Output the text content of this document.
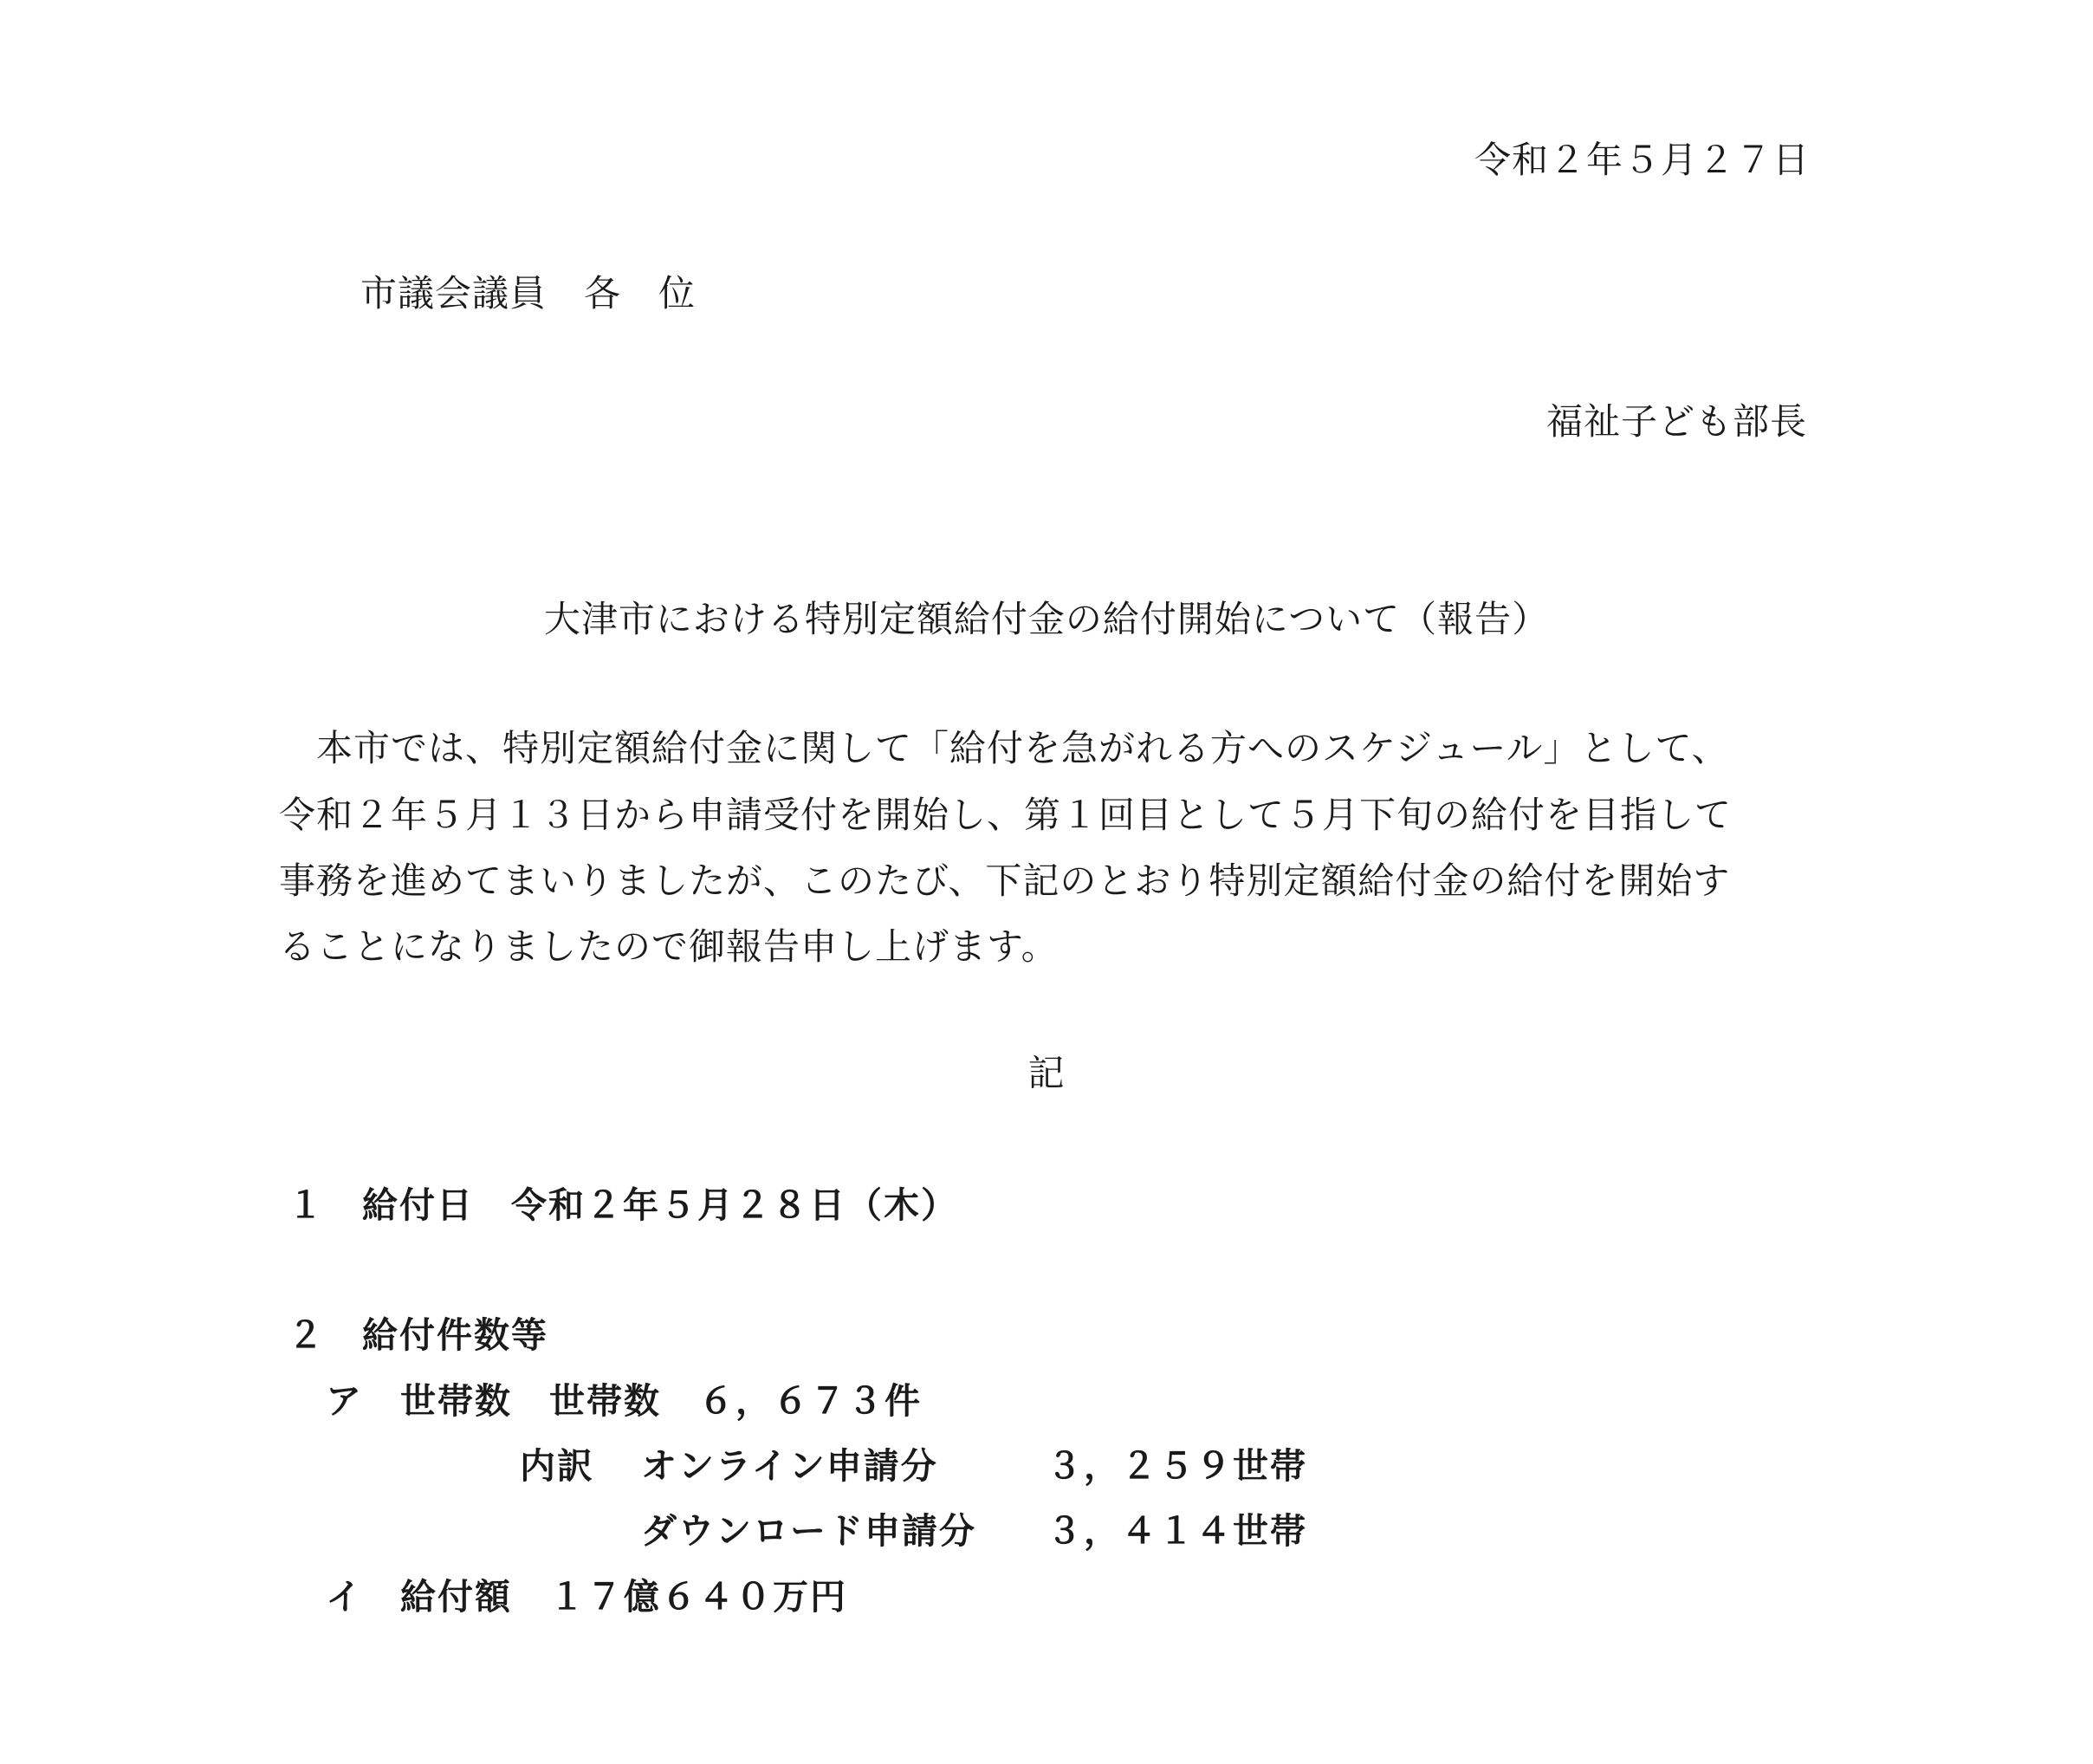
令和２年５月２７日
市議会議員　各　位
福祉子ども部長
大津市における特別定額給付金の給付開始について（報告）
　本市では、特別定額給付金に関して「給付を急がれる方へのスケジュール」として、
令和２年５月１３日から申請受付を開始し、第１回目として５月下旬の給付を目指して
事務を進めてまいりましたが、このたび、下記のとおり特別定額給付金の給付を開始す
ることになりましたので御報告申し上げます。
記
１　給付日　令和２年５月２８日（木）
２　給付件数等
ア　世帯数　世帯数　６，６７３件
内訳 オンライン申請分	３，２５９世帯
ダウンロード申請分 ３，４１４世帯
イ　給付額　１７億６４０万円
